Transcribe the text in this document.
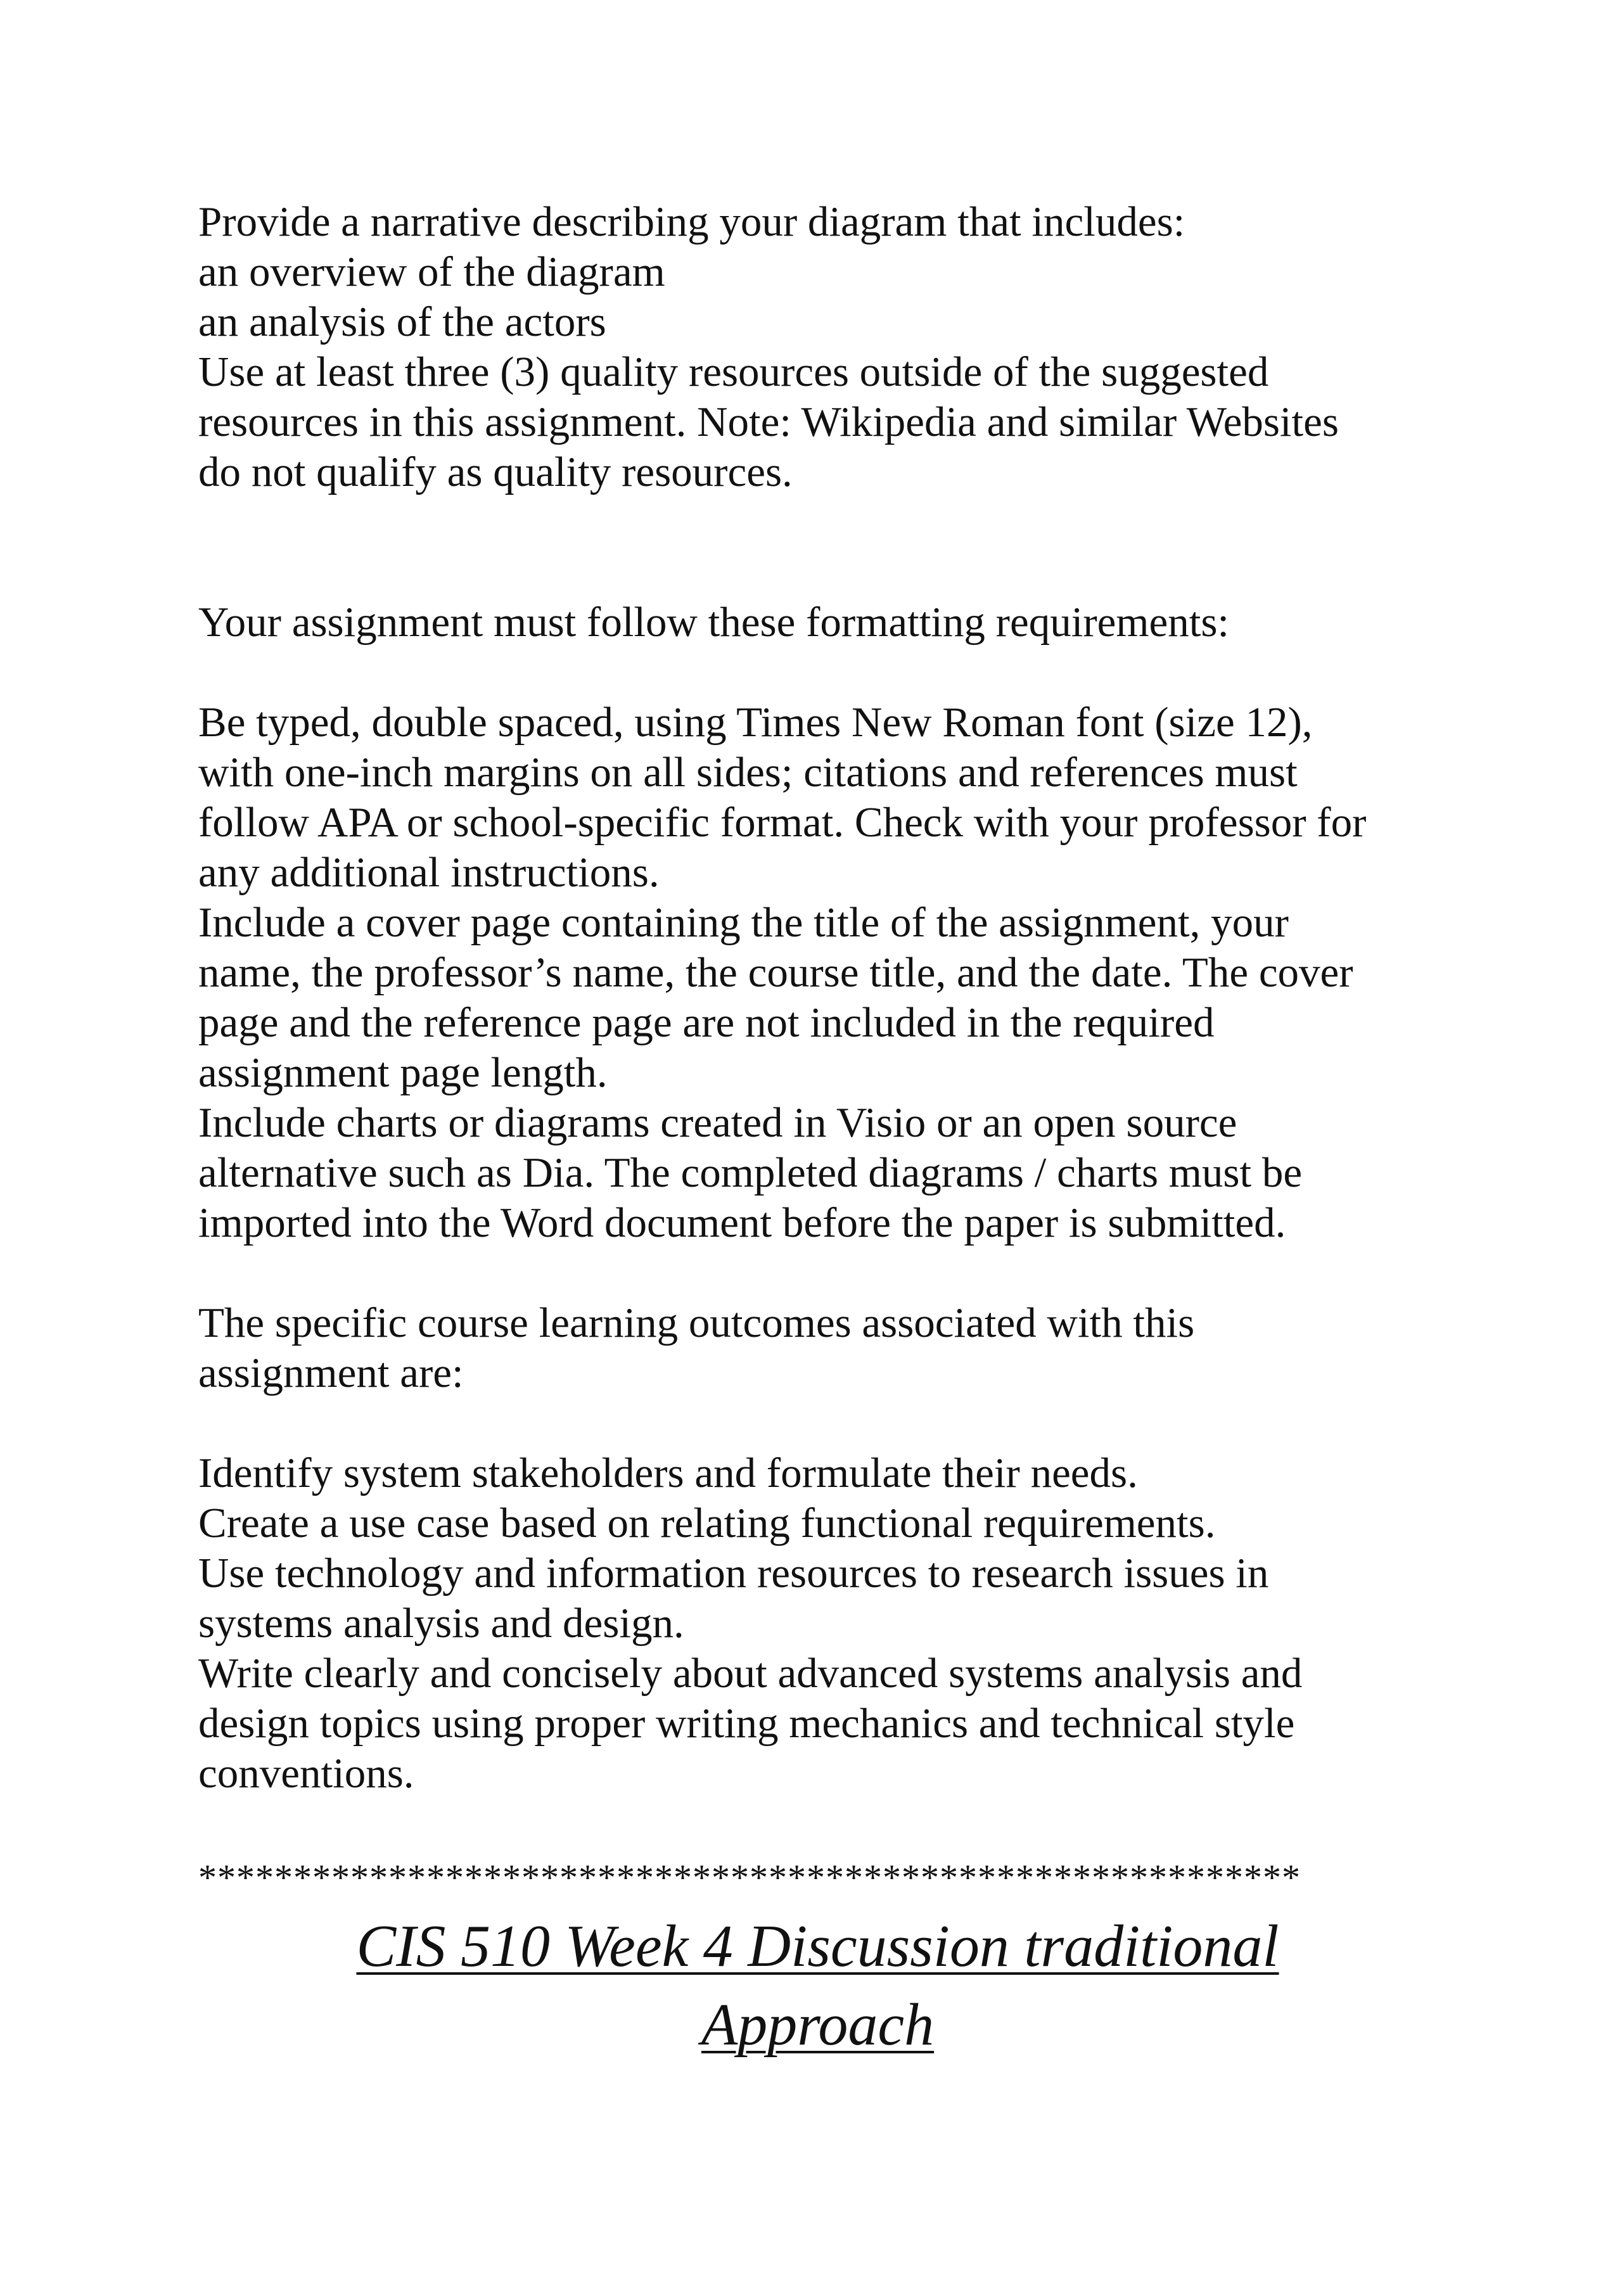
Provide a narrative describing your diagram that includes:

an overview of the diagram

an analysis of the actors

Use at least three (3) quality resources outside of the suggested

resources in this assignment. Note: Wikipedia and similar Websites

do not qualify as quality resources.

Your assignment must follow these formatting requirements:

Be typed, double spaced, using Times New Roman font (size 12),

with one-inch margins on all sides; citations and references must

follow APA or school-specific format. Check with your professor for

any additional instructions.

Include a cover page containing the title of the assignment, your

name, the professor’s name, the course title, and the date. The cover

page and the reference page are not included in the required

assignment page length.

Include charts or diagrams created in Visio or an open source

alternative such as Dia. The completed diagrams / charts must be

imported into the Word document before the paper is submitted.

The specific course learning outcomes associated with this

assignment are:

Identify system stakeholders and formulate their needs.

Create a use case based on relating functional requirements.

Use technology and information resources to research issues in

systems analysis and design.

Write clearly and concisely about advanced systems analysis and

design topics using proper writing mechanics and technical style

conventions.

**********************************************************
CIS 510 Week 4 Discussion traditional
Approach
